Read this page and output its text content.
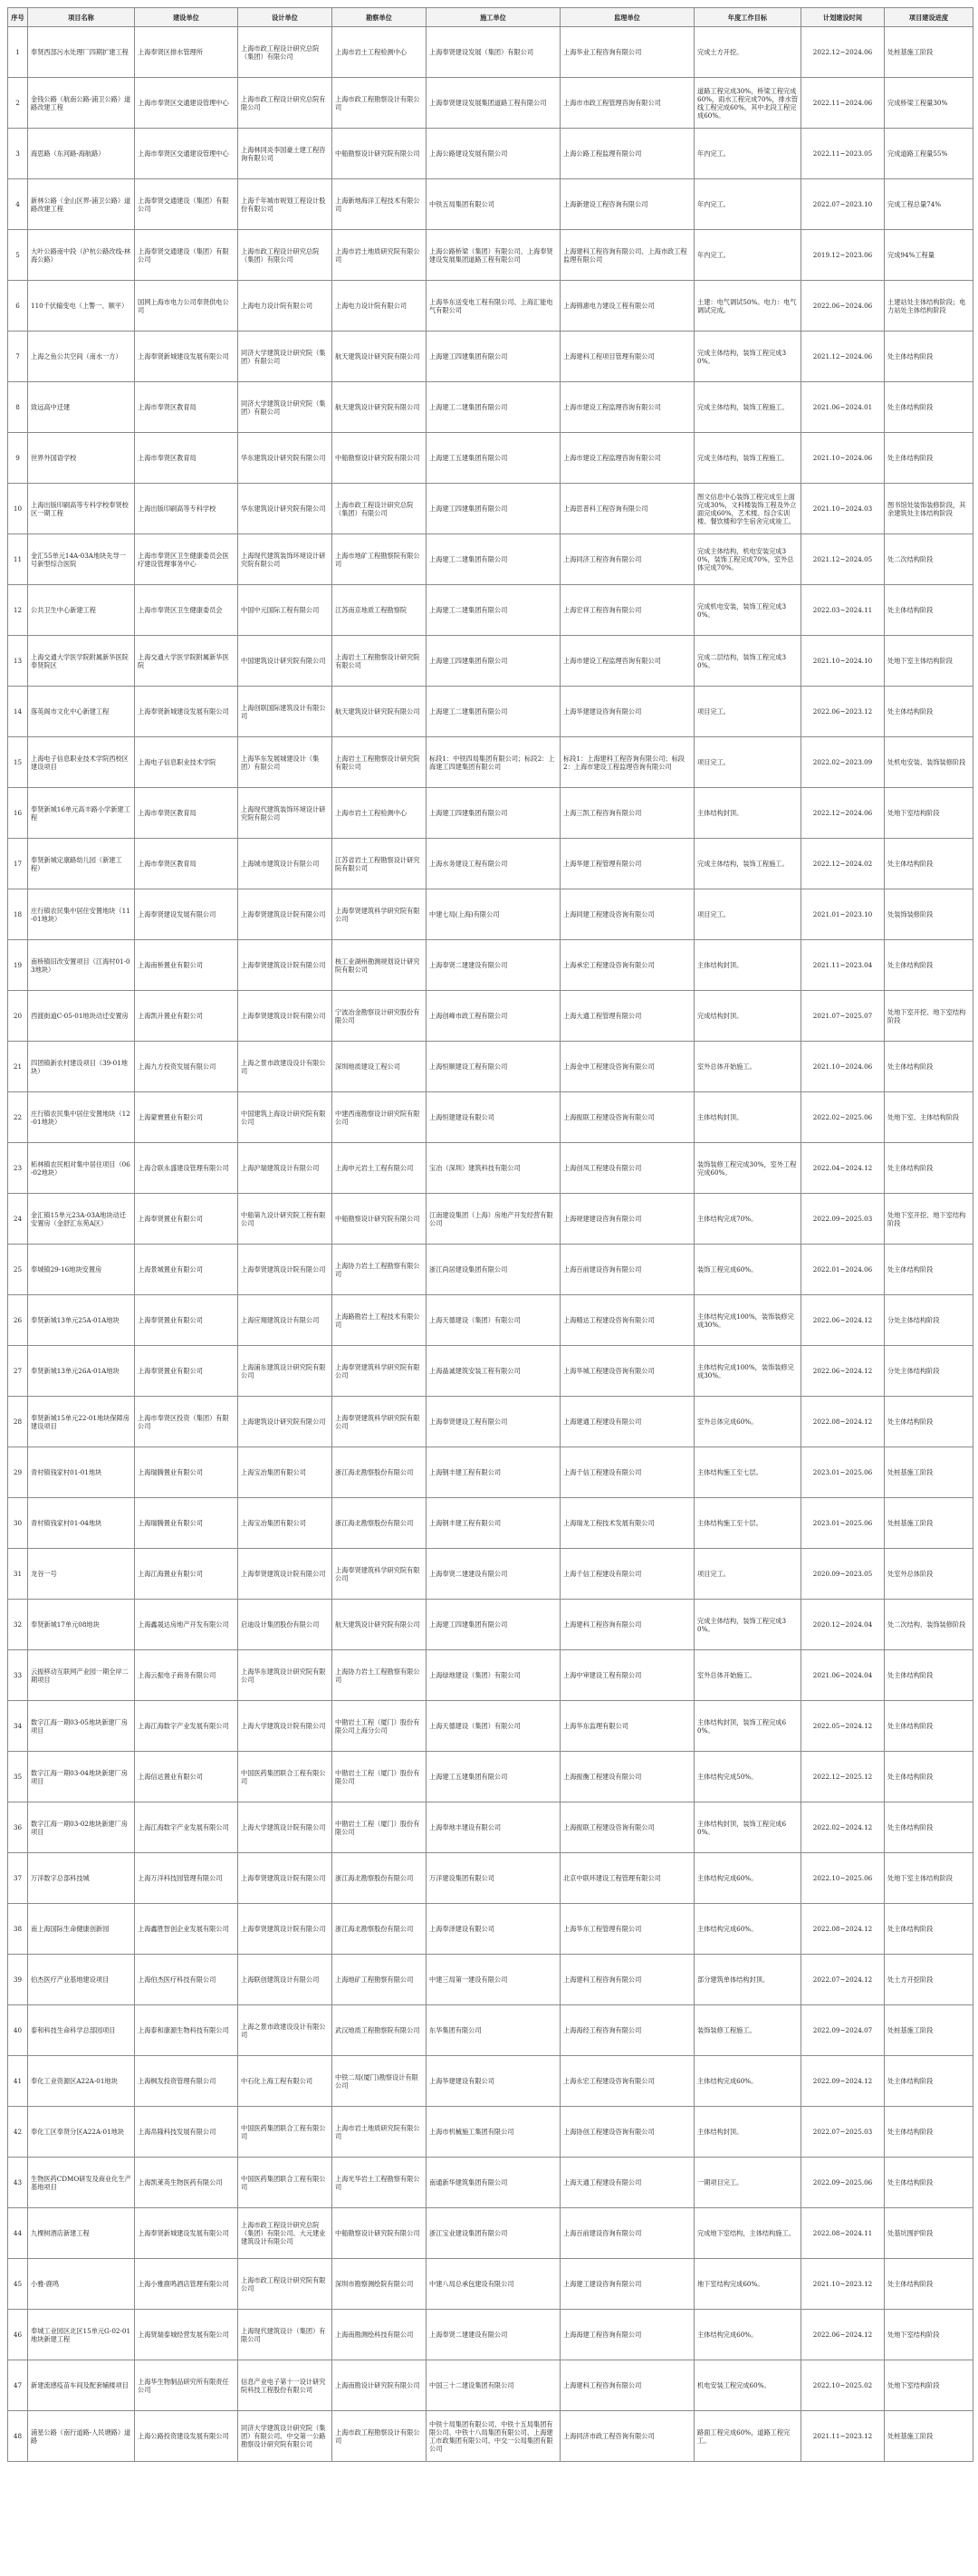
序号	项目名称	建设单位	设计单位	勘察单位	施工单位	监理单位	年度工作目标	计划建设时间	项目建设进度
1	奉贤西部污水处理厂四期扩建工程	上海奉贤区排水管理所	上海市政工程设计研究总院（集团）有限公司	上海市岩土工程检测中心	上海奉贤建设发展（集团）有限公司	上海华业工程咨询有限公司	完成土方开挖。	2022.12~2024.06	处桩基施工阶段
2	金钱公路（航南公路-浦卫公路）道路改建工程	上海市奉贤区交通建设管理中心	上海市政工程设计研究总院有限公司	上海市政工程勘察设计有限公司	上海奉贤建设发展集团道路工程有限公司	上海市市政工程管理咨询有限公司	道路工程完成30%，桥梁工程完成60%，雨水工程完成70%，排水管线工程完成60%，其中北段工程完成60%。	2022.11~2024.06	完成桥梁工程量30%
3	海思路（东河路-海航路）	上海市奉贤区交通建设管理中心	上海林同炎李国豪土建工程咨询有限公司	中船勘察设计研究院有限公司	上海公路建设发展有限公司	上海公路工程监理有限公司	年内完工。	2022.11~2023.05	完成道路工程量55%
4	新林公路（金山区界-浦卫公路）道路改建工程	上海奉贤交通建设（集团）有限公司	上海千年城市规划工程设计股份有限公司	上海新地海洋工程技术有限公司	中铁五局集团有限公司	上海新建设工程咨询有限公司	年内完工。	2022.07~2023.10	完成工程总量74%
5	大叶公路南中段（沪杭公路改线-林海公路）	上海奉贤交通建设（集团）有限公司	上海市政工程设计研究总院（集团）有限公司	上海市岩土地质研究院有限公司	上海公路桥梁（集团）有限公司、上海奉贤建设发展集团道路工程有限公司	上海建科工程咨询有限公司、上海市政工程监理有限公司	年内完工。	2019.12~2023.06	完成94%工程量
6	110千伏输变电（上警一、顺平）	国网上海市电力公司奉贤供电公司	上海电力设计院有限公司	上海电力设计院有限公司	上海华东送变电工程有限公司、上海汇能电气有限公司	上海锦惠电力建设工程有限公司	土建：电气调试50%。电力：电气调试完成。	2022.06~2024.06	土建站处主体结构阶段；电力站处主体结构阶段
7	上海之鱼公共空间（南水一方）	上海奉贤新城建设发展有限公司	同济大学建筑设计研究院（集团）有限公司	航天建筑设计研究院有限公司	上海建工四建集团有限公司	上海建科工程项目管理有限公司	完成主体结构，装饰工程完成30%。	2021.12~2024.06	处主体结构阶段
8	致远高中迁建	上海市奉贤区教育局	同济大学建筑设计研究院（集团）有限公司	航天建筑设计研究院有限公司	上海建工二建集团有限公司	上海市建设工程监理咨询有限公司	完成主体结构，装饰工程施工。	2021.06~2024.01	处主体结构阶段
9	世界外国语学校	上海市奉贤区教育局	华东建筑设计研究院有限公司	中船勘察设计研究院有限公司	上海建工五建集团有限公司	上海市建设工程监理咨询有限公司	完成主体结构，装饰工程施工。	2021.10~2024.06	处主体结构阶段
10	上海出版印刷高等专科学校奉贤校区一期工程	上海出版印刷高等专科学校	华东建筑设计研究院有限公司	上海市政工程设计研究总院（集团）有限公司	上海建工四建集团有限公司	上海思普科工程咨询有限公司	图文信息中心装饰工程完成至上面完成30%，文科楼装饰工程及外立面完成60%，艺术楼、综合实训楼、餐饮楼和学生宿舍完成竣工。	2021.10~2024.03	图书馆处装饰装修阶段，其余建筑处主体结构阶段
11	金汇55单元14A-03A地块先导一号新型综合医院	上海市奉贤区卫生健康委员会医疗建设管理事务中心	上海现代建筑装饰环境设计研究院有限公司	上海市地矿工程勘察院有限公司	上海建工二建集团有限公司	上海同济工程咨询有限公司	完成主体结构，机电安装完成30%，装饰工程完成70%，室外总体完成70%。	2021.12~2024.05	处二次结构阶段
12	公共卫生中心新建工程	上海市奉贤区卫生健康委员会	中国中元国际工程有限公司	江苏南京地质工程勘察院	上海建工二建集团有限公司	上海宏祥工程咨询有限公司	完成机电安装，装饰工程完成30%。	2022.03~2024.11	处主体结构阶段
13	上海交通大学医学院附属新华医院奉贤院区	上海交通大学医学院附属新华医院	中国建筑设计研究院有限公司	上海岩土工程勘察设计研究院有限公司	上海建工四建集团有限公司	上海市建设工程监理咨询有限公司	完成二层结构，装饰工程完成30%。	2021.10~2024.10	处地下室主体结构阶段
14	落英阁市文化中心新建工程	上海奉贤新城建设发展有限公司	上海创联国际建筑设计有限公司	航天建筑设计研究院有限公司	上海建工二建集团有限公司	上海华建建设咨询有限公司	项目完工。	2022.06~2023.12	处主体结构阶段
15	上海电子信息职业技术学院西校区建设项目	上海电子信息职业技术学院	上海华东发展城建设计（集团）有限公司	上海岩土工程勘察设计研究院有限公司	标段1：中铁四局集团有限公司；标段2：上海建工四建集团有限公司	标段1：上海建科工程咨询有限公司；标段2：上海市建设工程监理咨询有限公司	项目完工。	2022.02~2023.09	处机电安装、装饰装修阶段
16	奉贤新城16单元高丰路小学新建工程	上海市奉贤区教育局	上海现代建筑装饰环境设计研究院有限公司	上海市岩土工程检测中心	上海建工四建集团有限公司	上海三凯工程咨询有限公司	主体结构封顶。	2022.12~2024.06	处地下室结构阶段
17	奉贤新城定康路幼儿园（新建工程）	上海市奉贤区教育局	上海城市建筑设计有限公司	江苏省岩土工程勘察设计研究院有限公司	上海水务建设工程有限公司	上海华建工程管理有限公司	完成主体结构，装饰工程施工。	2022.12~2024.02	处主体结构阶段
18	庄行镇农民集中居住安置地块（11-01地块）	上海奉贤建设发展有限公司	上海奉贤建筑设计院有限公司	上海奉贤建筑科学研究院有限公司	中建七局(上海)有限公司	上海同建工程建设咨询有限公司	项目完工。	2021.01~2023.10	处装饰装修阶段
19	南桥镇旧改安置项目（江海村01-03地块）	上海南桥置业有限公司	上海奉贤建筑设计院有限公司	核工业湖州勘测规划设计研究院有限公司	上海奉贤二建建设有限公司	上海承宏工程建设咨询有限公司	主体结构封顶。	2021.11~2023.04	处主体结构阶段
20	西渡街道C-05-01地块动迁安置房	上海凯升置业有限公司	上海奉贤建筑设计院有限公司	宁波冶金勘察设计研究股份有限公司	上海创峰市政工程有限公司	上海大通工程管理有限公司	完成结构封顶。	2021.07~2025.07	处地下室开挖、地下室结构阶段
21	四团镇新农村建设项目（39-01地块）	上海九方投资发展有限公司	上海之景市政建设设计有限公司	深圳地质建设工程公司	上海恒顺建设工程有限公司	上海金申工程建设咨询有限公司	室外总体开始施工。	2021.10~2024.06	处主体结构阶段
22	庄行镇农民集中居住安置地块（12-01地块）	上海蒙寰置业有限公司	中国建筑上海设计研究院有限公司	中建西南勘察设计研究院有限公司	上海恒建建设有限公司	上海振联工程建设咨询有限公司	主体结构封顶。	2022.02~2025.06	处地下室、主体结构阶段
23	柘林镇农民相对集中居住项目（06-02地块）	上海合联永盛建设管理有限公司	上海沪瑞建筑设计有限公司	上海申元岩土工程有限公司	宝冶（深圳）建筑科技有限公司	上海创凤工程建设有限公司	装饰装修工程完成30%，室外工程完成60%。	2022.04~2024.12	处主体结构阶段
24	金汇镇15单元23A-03A地块动迁安置房（金舒汇东苑A区）	上海奉贤置业有限公司	中船第九设计研究院工程有限公司	中船勘察设计研究院有限公司	江南建设集团（上海）房地产开发经营有限公司	上海规建建设咨询有限公司	主体结构完成70%。	2022.09~2025.03	处地下室开挖、地下室结构阶段
25	奉城镇29-16地块安置房	上海景城置业有限公司	上海奉贤建筑设计院有限公司	上海协力岩土工程勘察有限公司	浙江尚居建设集团有限公司	上海百前建设咨询有限公司	装饰工程完成60%。	2022.01~2024.06	处主体结构阶段
26	奉贤新城13单元25A-01A地块	上海奉贤置业有限公司	上海应翔建筑设计有限公司	上海路勘岩土工程技术有限公司	上海天德建设（集团）有限公司	上海精达工程建设咨询有限公司	主体结构完成100%，装饰装修完成30%。	2022.06~2024.12	分处主体结构阶段
27	奉贤新城13单元26A-01A地块	上海奉贤置业有限公司	上海浦东建筑设计研究院有限公司	上海奉贤建筑科学研究院有限公司	上海晶诚建筑安装工程有限公司	上海华城工程建设咨询有限公司	主体结构完成100%，装饰装修完成30%。	2022.06~2024.12	分处主体结构阶段
28	奉贤新城15单元22-01地块保障房建设项目	上海市奉贤区投资（集团）有限公司	上海建筑设计研究院有限公司	上海奉贤建筑科学研究院有限公司	上海奉贤建设工程有限公司	上海建通工程建设有限公司	室外总体完成60%。	2022.08~2024.12	处主体结构阶段
29	青村镇钱家村01-01地块	上海瑞腾置业有限公司	上海宝冶集团有限公司	浙江海北勘察股份有限公司	上海钢丰建工程有限公司	上海千信工程建设有限公司	主体结构施工至七层。	2023.01~2025.06	处桩基施工阶段
30	青村镇钱家村01-04地块	上海瑞腾置业有限公司	上海宝冶集团有限公司	浙江海北勘察股份有限公司	上海钢丰建工程有限公司	上海瑞龙工程技术发展有限公司	主体结构施工至十层。	2023.01~2025.06	处桩基施工阶段
31	龙谷一号	上海江海置业有限公司	上海奉贤建筑设计院有限公司	上海奉贤建筑科学研究院有限公司	上海奉贤二建建设有限公司	上海千信工程建设有限公司	项目完工。	2020.09~2023.05	处室外总体阶段
32	奉贤新城17单元08地块	上海鑫晟达房地产开发有限公司	启迪设计集团股份有限公司	航天建筑设计研究院有限公司	上海建工四建集团有限公司	上海建科工程咨询有限公司	完成主体结构，装饰工程完成30%。	2020.12~2024.04	处二次结构、装饰装修阶段
33	云振移动互联网产业园一期全岸二期项目	上海云振电子商务有限公司	上海华东建筑设计研究院有限公司	上海协力岩土工程勘察有限公司	上海绿地建设（集团）有限公司	上海中审建设工程有限公司	室外总体开始施工。	2021.06~2024.04	处主体结构阶段
34	数字江海一期03-05地块新建厂房项目	上海江海数字产业发展有限公司	上海大学建筑设计院有限公司	中勘岩土工程（厦门）股份有限公司上海分公司	上海天德建设（集团）有限公司	上海华东监理有限公司	主体结构封顶，装饰工程完成60%。	2022.05~2024.12	处主体结构阶段
35	数字江海一期03-04地块新建厂房项目	上海信达置业有限公司	中国医药集团联合工程有限公司	中勘岩土工程（厦门）股份有限公司	上海建工五建集团有限公司	上海振衡工程建设有限公司	主体结构完成50%。	2022.12~2025.12	处主体结构阶段
36	数字江海一期03-02地块新建厂房项目	上海江海数字产业发展有限公司	上海大学建筑设计院有限公司	中勘岩土工程（厦门）股份有限公司	上海奉地丰建设有限公司	上海振联工程建设咨询有限公司	主体结构封顶，装饰工程完成60%。	2022.02~2024.12	处主体结构阶段
37	万洋数字总部科技城	上海万洋科技园管理有限公司	上海奉贤建筑设计院有限公司	浙江海北勘察股份有限公司	万洋建设集团有限公司	北京中联环建设工程管理有限公司	主体结构完成60%。	2022.10~2025.06	处地下室主体结构阶段
38	南上海国际生命健康创新园	上海鑫胜智创企业发展有限公司	上海奉贤建筑设计院有限公司	浙江海北勘察股份有限公司	上海奉泽建设有限公司	上海华东工程管理有限公司	主体结构完成60%。	2022.08~2024.12	处主体结构阶段
39	伯杰医疗产业基地建设项目	上海伯杰医疗科技有限公司	上海联创建筑设计有限公司	上海地矿工程勘察有限公司	中建三局第一建设有限公司	上海建科工程咨询有限公司	部分建筑单体结构封顶。	2022.07~2024.12	处土方开挖阶段
40	泰和科技生命科学总部园项目	上海泰和康源生物科技有限公司	上海之景市政建设设计有限公司	武汉地质工程勘察院有限公司	东华集团有限公司	上海海经工程咨询有限公司	装饰装修工程施工。	2022.09~2024.07	处桩基施工阶段
41	奉化工业资源区A22A-01地块	上海枫发投资管理有限公司	中石化上海工程有限公司	中铁二局(厦门)勘察设计有限公司	上海华建建设有限公司	上海永宏工程建设咨询有限公司	主体结构完成60%。	2022.09~2024.12	处主体结构阶段
42	奉化工区奉贤分区A22A-01地块	上海帛隆科技发展有限公司	中国医药集团联合工程有限公司	上海市岩土地质研究院有限公司	上海市机械施工集团有限公司	上海协创工程建设咨询有限公司	主体结构封顶。	2022.07~2025.03	处主体结构阶段
43	生物医药CDMO研发及商业化生产基地项目	上海凯莱英生物医药有限公司	中国医药集团联合工程有限公司	上海光华岩土工程勘察有限公司	南通新华建筑集团有限公司	上海天通工程建设有限公司	一期项目完工。	2022.09~2025.06	处主体结构阶段
44	九棵树酒店新建工程	上海奉贤新城建设发展有限公司	上海市政工程设计研究总院（集团）有限公司、大元建业建筑设计有限公司	中船勘察设计研究院有限公司	浙江宝业建设集团有限公司	上海百前建设咨询有限公司	完成地下室结构，主体结构施工。	2022.08~2024.11	处基坑围护阶段
45	小雅·鹿鸣	上海小雅鹿鸣酒店管理有限公司	上海市政工程设计研究院有限公司	深圳市勘察测绘院有限公司	中建八局总承包建设有限公司	上海建工建设咨询有限公司	地下室结构完成60%。	2021.10~2023.12	处主体结构阶段
46	奉城工业园区北区15单元G-02-01地块新建工程	上海贤瑞泰城经营发展有限公司	上海现代建筑设计（集团）有限公司	上海南勘测绘科技有限公司	上海奉贤二建建设有限公司	上海海建工程咨询有限公司	主体结构完成60%。	2022.06~2024.12	处地下室结构阶段
47	新建流感疫苗车间及配套辅楼项目	上海华生物制品研究所有限责任公司	信息产业电子第十一设计研究院科技工程股份有限公司	上海南勘设计研究院有限公司	中国三十二建设集团有限公司	上海建科工程咨询有限公司	机电安装工程完成60%。	2022.10~2025.02	处地下室结构阶段
48	浦星公路（南行道路-人民塘路）道路	上海公路投资建设发展有限公司	同济大学建筑设计研究院（集团）有限公司、中交第一公路勘察设计研究院有限公司	上海市政工程勘察设计有限公司	中铁十局集团有限公司、中铁十五局集团有限公司、中铁十八局集团有限公司、上海建工市政集团有限公司、中交一公局集团有限公司	上海同济市政工程咨询有限公司	路面工程完成60%，道路工程完工。	2021.11~2023.12	处桩基施工阶段
